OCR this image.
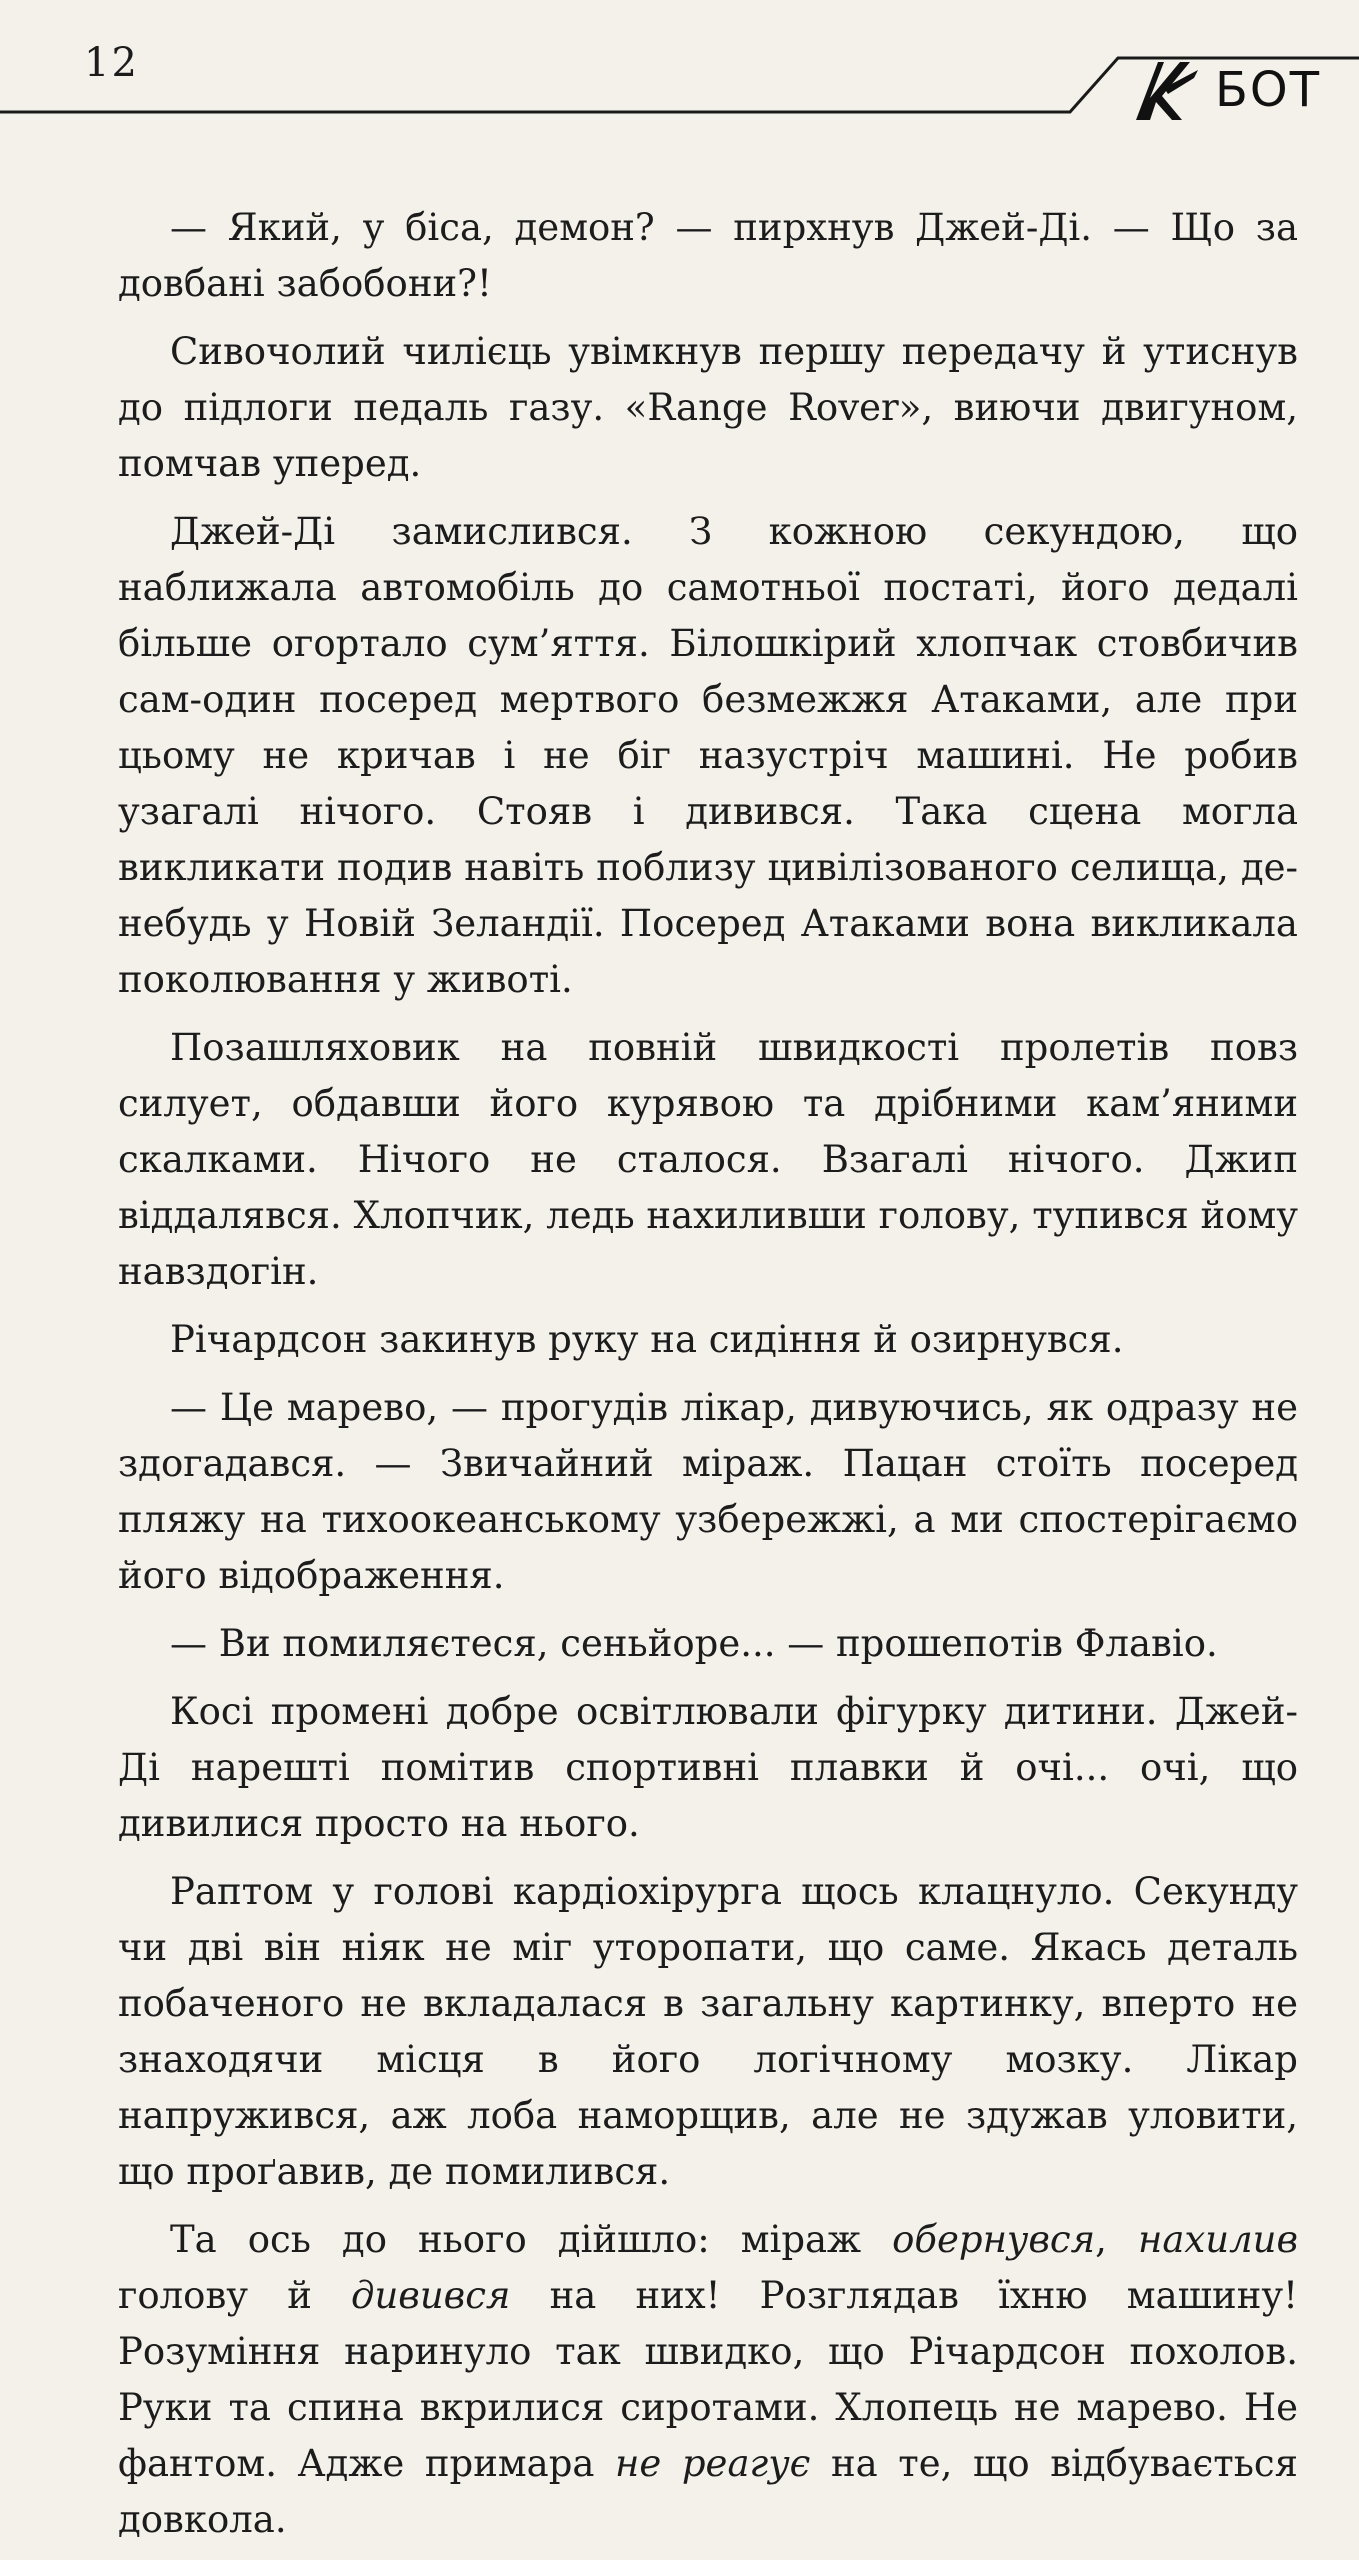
12	БОТ

— Який, у біса, демон? — пирхнув Джей-Ді. — Що за довбані забобони?!

Сивочолий чилієць увімкнув першу передачу й утиснув до підлоги педаль газу. «Range Rover», виючи двигуном, помчав уперед.

Джей-Ді замислився. З кожною секундою, що наближала автомобіль до самотньої постаті, його дедалі більше огортало сум’яття. Білошкірий хлопчак стовбичив сам-один посеред мертвого безмежжя Атаками, але при цьому не кричав і не біг назустріч машині. Не робив узагалі нічого. Стояв і дивився. Така сцена могла викликати подив навіть поблизу цивілізованого селища, де-небудь у Новій Зеландії. Посеред Атаками вона викликала поколювання у животі.

Позашляховик на повній швидкості пролетів повз силует, обдавши його курявою та дрібними кам’яними скалками. Нічого не сталося. Взагалі нічого. Джип віддалявся. Хлопчик, ледь нахиливши голову, тупився йому навздогін.

Річардсон закинув руку на сидіння й озирнувся.

— Це марево, — прогудів лікар, дивуючись, як одразу не здогадався. — Звичайний міраж. Пацан стоїть посеред пляжу на тихоокеанському узбережжі, а ми спостерігаємо його відображення.

— Ви помиляєтеся, сеньйоре... — прошепотів Флавіо.

Косі промені добре освітлювали фігурку дитини. Джей-Ді нарешті помітив спортивні плавки й очі... очі, що дивилися просто на нього.

Раптом у голові кардіохірурга щось клацнуло. Секунду чи дві він ніяк не міг уторопати, що саме. Якась деталь побаченого не вкладалася в загальну картинку, вперто не знаходячи місця в його логічному мозку. Лікар напружився, аж лоба наморщив, але не здужав уловити, що проґавив, де помилився.

Та ось до нього дійшло: міраж обернувся, нахилив голову й дивився на них! Розглядав їхню машину! Розуміння наринуло так швидко, що Річардсон похолов. Руки та спина вкрилися сиротами. Хлопець не марево. Не фантом. Адже примара не реагує на те, що відбувається довкола.
